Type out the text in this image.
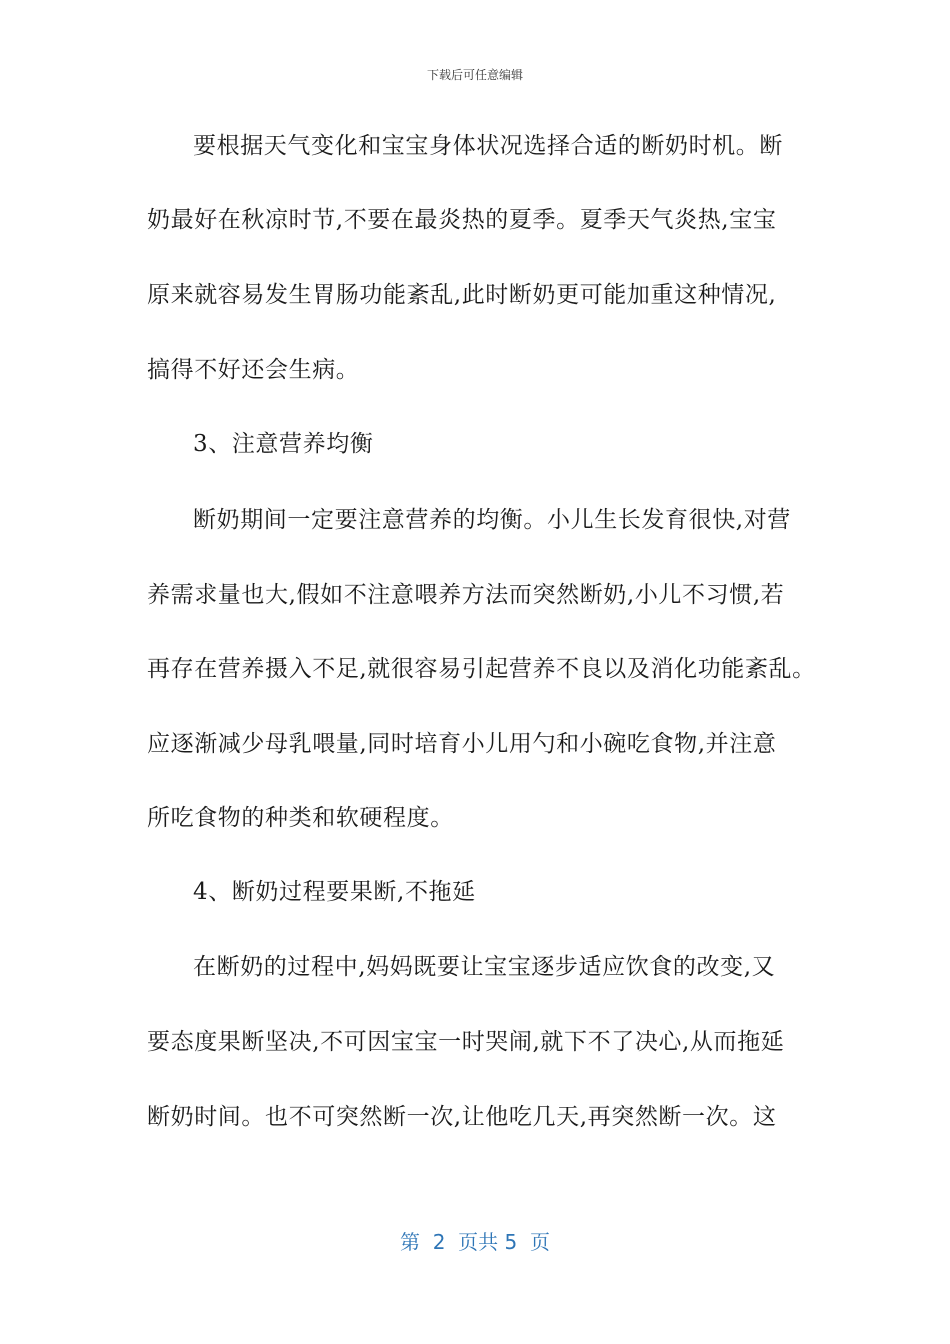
下载后可任意编辑
要根据天气变化和宝宝身体状况选择合适的断奶时机。断
奶最好在秋凉时节,不要在最炎热的夏季。夏季天气炎热,宝宝
原来就容易发生胃肠功能紊乱,此时断奶更可能加重这种情况,
搞得不好还会生病。
3、注意营养均衡
断奶期间一定要注意营养的均衡。小儿生长发育很快,对营
养需求量也大,假如不注意喂养方法而突然断奶,小儿不习惯,若
再存在营养摄入不足,就很容易引起营养不良以及消化功能紊乱。
应逐渐减少母乳喂量,同时培育小儿用勺和小碗吃食物,并注意
所吃食物的种类和软硬程度。
4、断奶过程要果断,不拖延
在断奶的过程中,妈妈既要让宝宝逐步适应饮食的改变,又
要态度果断坚决,不可因宝宝一时哭闹,就下不了决心,从而拖延
断奶时间。也不可突然断一次,让他吃几天,再突然断一次。这
第  2  页共 5  页
